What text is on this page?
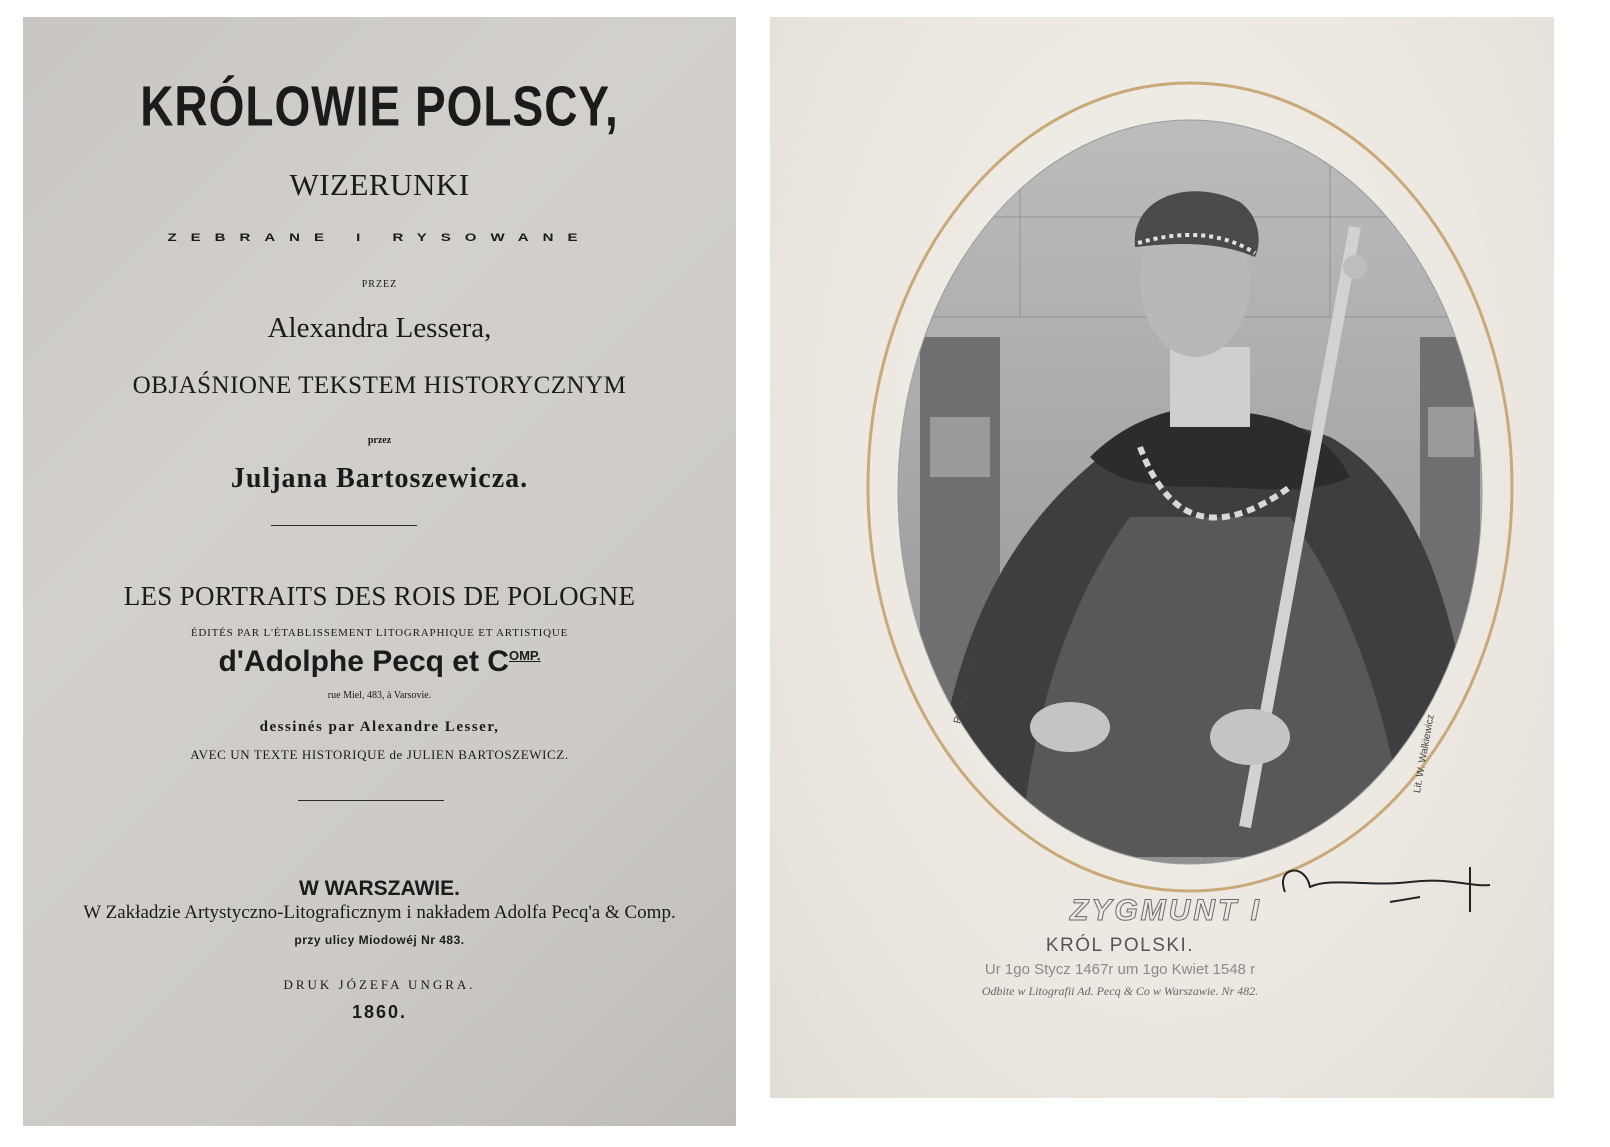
KRÓLOWIE POLSCY,
WIZERUNKI
ZEBRANE I RYSOWANE
PRZEZ
Alexandra Lessera,
OBJAŚNIONE TEKSTEM HISTORYCZNYM
przez
Juljana Bartoszewicza.
LES PORTRAITS DES ROIS DE POLOGNE
ÉDITÉS PAR L'ÉTABLISSEMENT LITOGRAPHIQUE ET ARTISTIQUE
d'Adolphe Pecq et $C^{OMP.}$
rue Miel, 483, à Varsovie.
dessinés par Alexandre Lesser,
AVEC UN TEXTE HISTORIQUE de JULIEN BARTOSZEWICZ.
W WARSZAWIE.
W Zakładzie Artystyczno-Litograficznym i nakładem Adolfa Pecq'a & Comp.
przy ulicy Miodowéj Nr 483.
DRUK JÓZEFA UNGRA.
1860.
Rysował A. Lesser.
Lit. W. Walkiewicz
ZYGMUNT I
KRÓL POLSKI.
Ur 1go Stycz 1467r um 1go Kwiet 1548 r
Odbite w Litografii Ad. Pecq & Co w Warszawie. Nr 482.
